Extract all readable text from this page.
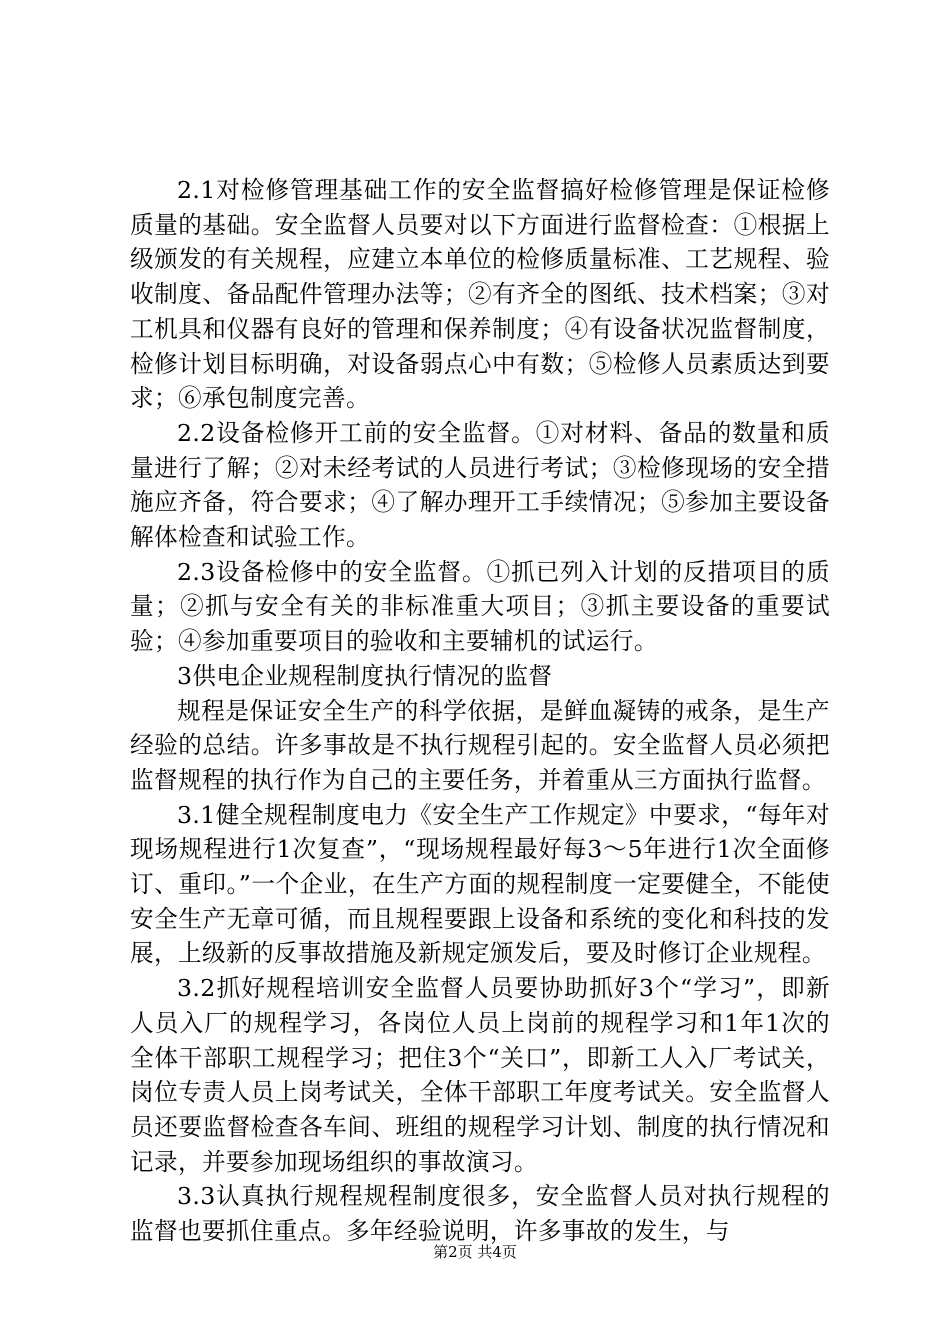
2.1对检修管理基础工作的安全监督搞好检修管理是保证检修质量的基础。安全监督人员要对以下方面进行监督检查：①根据上级颁发的有关规程，应建立本单位的检修质量标准、工艺规程、验收制度、备品配件管理办法等；②有齐全的图纸、技术档案；③对工机具和仪器有良好的管理和保养制度；④有设备状况监督制度，检修计划目标明确，对设备弱点心中有数；⑤检修人员素质达到要求；⑥承包制度完善。

2.2设备检修开工前的安全监督。①对材料、备品的数量和质量进行了解；②对未经考试的人员进行考试；③检修现场的安全措施应齐备，符合要求；④了解办理开工手续情况；⑤参加主要设备解体检查和试验工作。

2.3设备检修中的安全监督。①抓已列入计划的反措项目的质量；②抓与安全有关的非标准重大项目；③抓主要设备的重要试验；④参加重要项目的验收和主要辅机的试运行。

3供电企业规程制度执行情况的监督

规程是保证安全生产的科学依据，是鲜血凝铸的戒条，是生产经验的总结。许多事故是不执行规程引起的。安全监督人员必须把监督规程的执行作为自己的主要任务，并着重从三方面执行监督。

3.1健全规程制度电力《安全生产工作规定》中要求，“每年对现场规程进行1次复查”，“现场规程最好每3～5年进行1次全面修订、重印。”一个企业，在生产方面的规程制度一定要健全，不能使安全生产无章可循，而且规程要跟上设备和系统的变化和科技的发展，上级新的反事故措施及新规定颁发后，要及时修订企业规程。

3.2抓好规程培训安全监督人员要协助抓好3个“学习”，即新人员入厂的规程学习，各岗位人员上岗前的规程学习和1年1次的全体干部职工规程学习；把住3个“关口”，即新工人入厂考试关，岗位专责人员上岗考试关，全体干部职工年度考试关。安全监督人员还要监督检查各车间、班组的规程学习计划、制度的执行情况和记录，并要参加现场组织的事故演习。

3.3认真执行规程规程制度很多，安全监督人员对执行规程的监督也要抓住重点。多年经验说明，许多事故的发生，与

第2页 共4页
